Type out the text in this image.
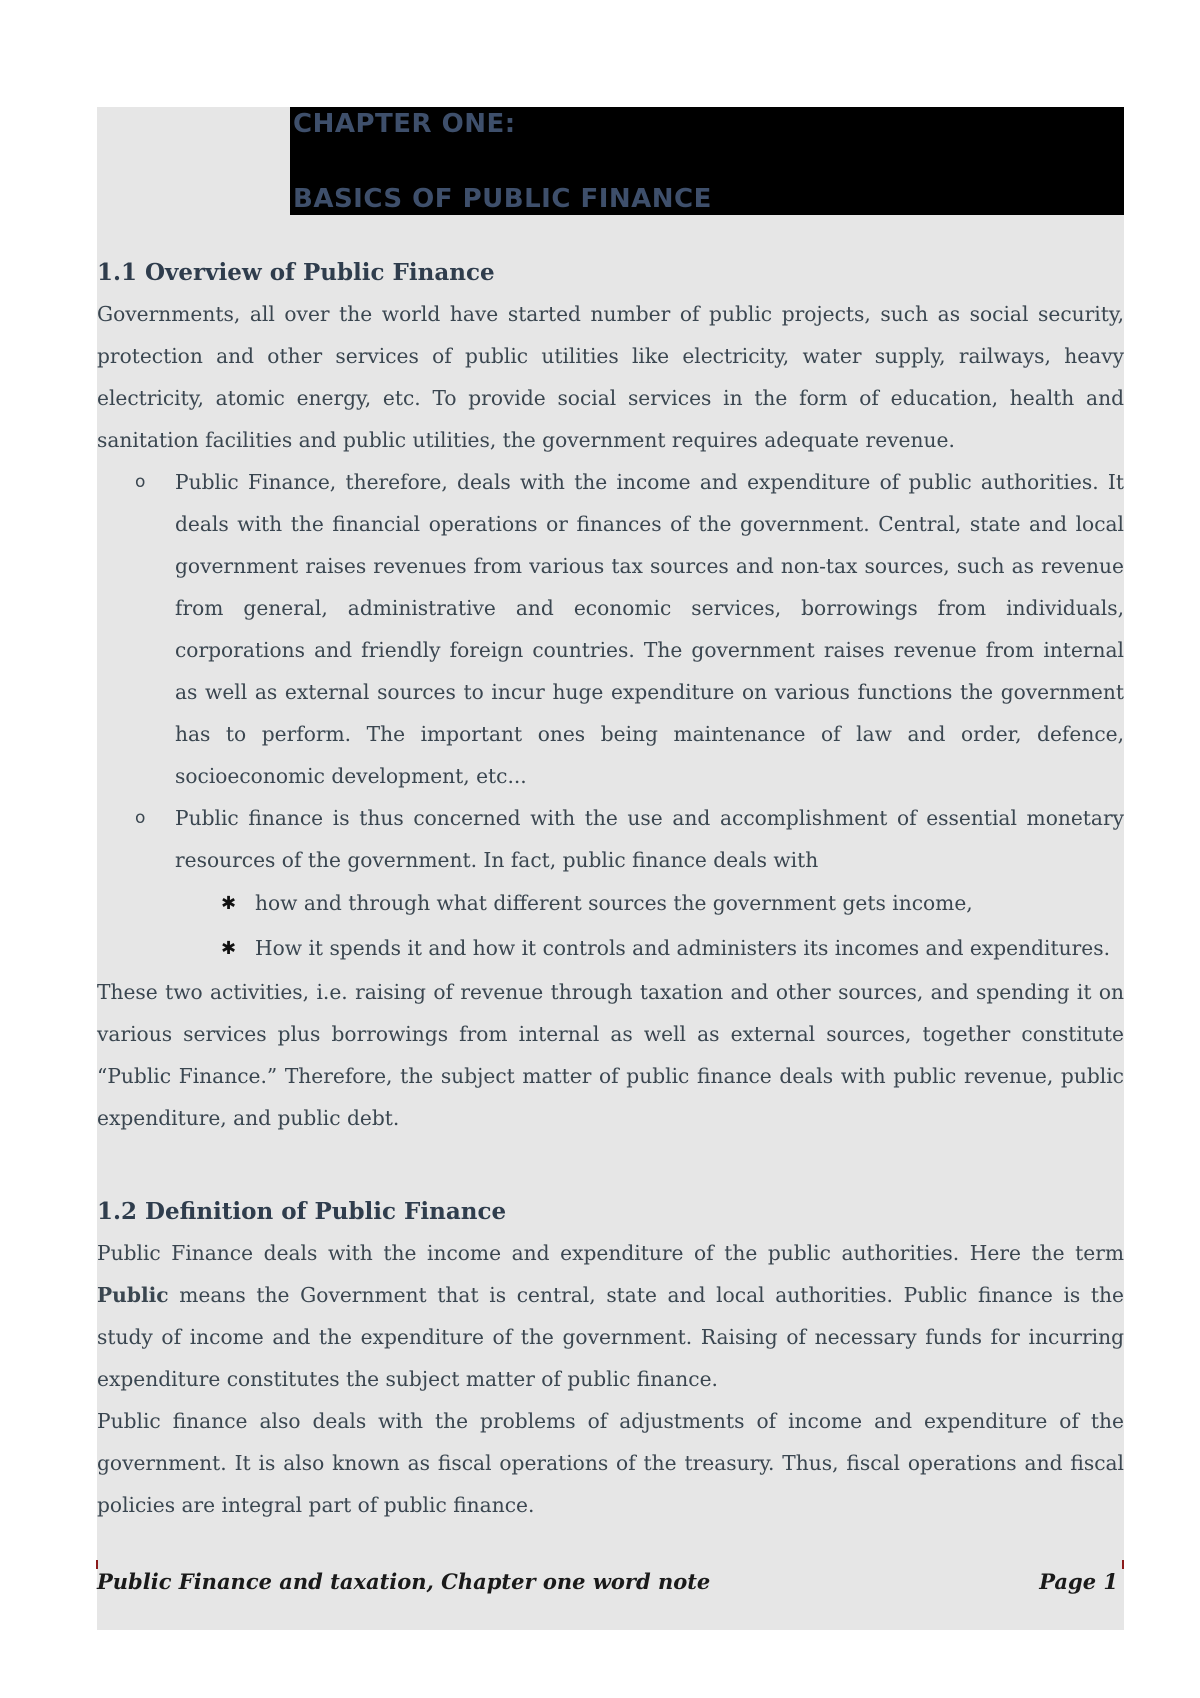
CHAPTER ONE:
BASICS OF PUBLIC FINANCE
1.1 Overview of Public Finance

Governments, all over the world have started number of public projects, such as social security, protection and other services of public utilities like electricity, water supply, railways, heavy electricity, atomic energy, etc. To provide social services in the form of education, health and sanitation facilities and public utilities, the government requires adequate revenue.

o Public Finance, therefore, deals with the income and expenditure of public authorities. It deals with the financial operations or finances of the government. Central, state and local government raises revenues from various tax sources and non-tax sources, such as revenue from general, administrative and economic services, borrowings from individuals, corporations and friendly foreign countries. The government raises revenue from internal as well as external sources to incur huge expenditure on various functions the government has to perform. The important ones being maintenance of law and order, defence, socioeconomic development, etc...
o Public finance is thus concerned with the use and accomplishment of essential monetary resources of the government. In fact, public finance deals with
✱ how and through what different sources the government gets income,
✱ How it spends it and how it controls and administers its incomes and expenditures.

These two activities, i.e. raising of revenue through taxation and other sources, and spending it on various services plus borrowings from internal as well as external sources, together constitute “Public Finance.” Therefore, the subject matter of public finance deals with public revenue, public expenditure, and public debt.

1.2 Definition of Public Finance

Public Finance deals with the income and expenditure of the public authorities. Here the term Public means the Government that is central, state and local authorities. Public finance is the study of income and the expenditure of the government. Raising of necessary funds for incurring expenditure constitutes the subject matter of public finance.

Public finance also deals with the problems of adjustments of income and expenditure of the government. It is also known as fiscal operations of the treasury. Thus, fiscal operations and fiscal policies are integral part of public finance.

Public Finance and taxation, Chapter one word note	Page 1
